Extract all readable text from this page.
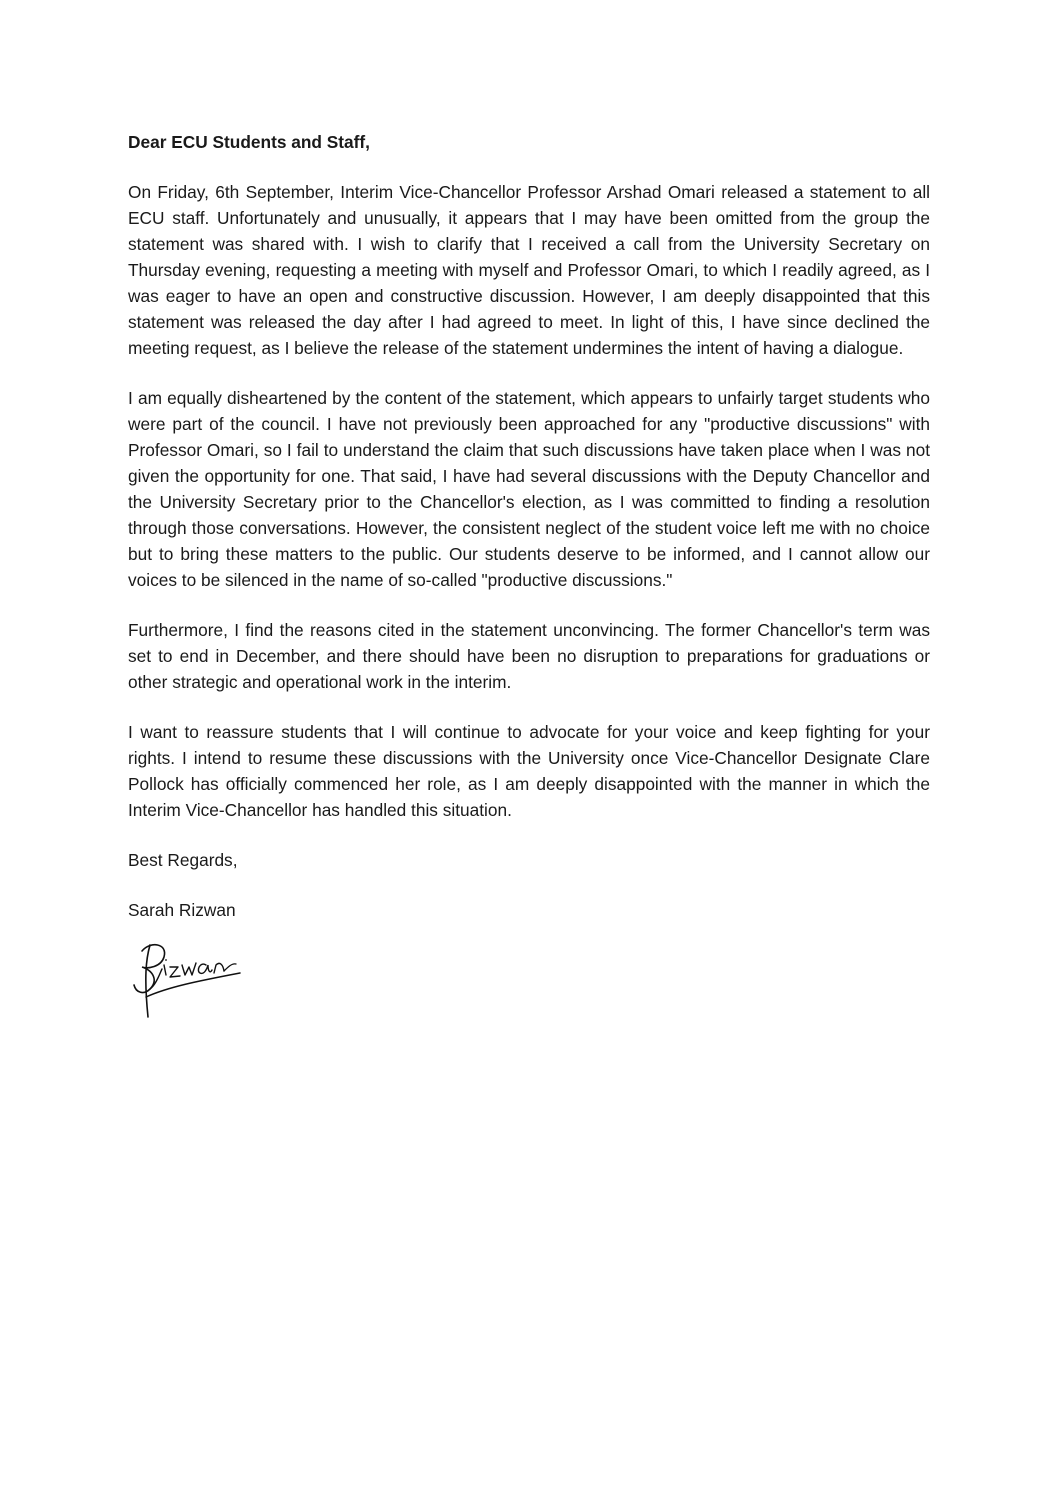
Dear ECU Students and Staff,

On Friday, 6th September, Interim Vice-Chancellor Professor Arshad Omari released a statement to all ECU staff. Unfortunately and unusually, it appears that I may have been omitted from the group the statement was shared with. I wish to clarify that I received a call from the University Secretary on Thursday evening, requesting a meeting with myself and Professor Omari, to which I readily agreed, as I was eager to have an open and constructive discussion. However, I am deeply disappointed that this statement was released the day after I had agreed to meet. In light of this, I have since declined the meeting request, as I believe the release of the statement undermines the intent of having a dialogue.

I am equally disheartened by the content of the statement, which appears to unfairly target students who were part of the council. I have not previously been approached for any "productive discussions" with Professor Omari, so I fail to understand the claim that such discussions have taken place when I was not given the opportunity for one. That said, I have had several discussions with the Deputy Chancellor and the University Secretary prior to the Chancellor's election, as I was committed to finding a resolution through those conversations. However, the consistent neglect of the student voice left me with no choice but to bring these matters to the public. Our students deserve to be informed, and I cannot allow our voices to be silenced in the name of so-called "productive discussions."

Furthermore, I find the reasons cited in the statement unconvincing. The former Chancellor's term was set to end in December, and there should have been no disruption to preparations for graduations or other strategic and operational work in the interim.

I want to reassure students that I will continue to advocate for your voice and keep fighting for your rights. I intend to resume these discussions with the University once Vice-Chancellor Designate Clare Pollock has officially commenced her role, as I am deeply disappointed with the manner in which the Interim Vice-Chancellor has handled this situation.

Best Regards,

Sarah Rizwan
